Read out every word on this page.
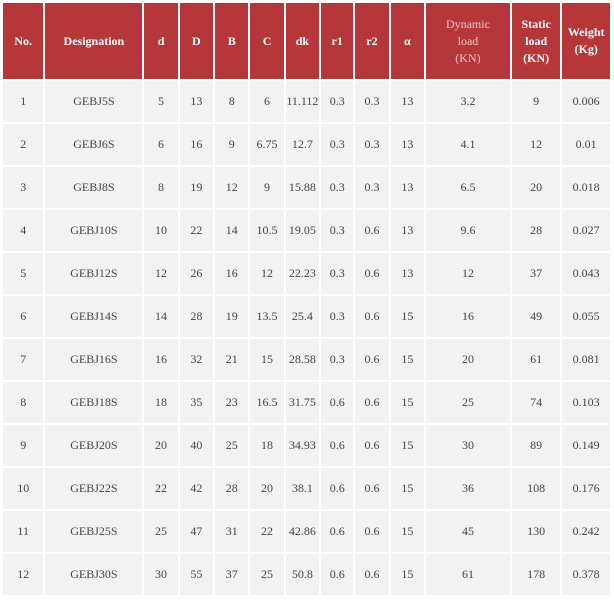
No.	Designation	d	D	B	C	dk	r1	r2	α	Dynamic
load
(KN)	Static
load
(KN)	Weight
(Kg)

1	GEBJ5S	5	13	8	6	11.112	0.3	0.3	13	3.2	9	0.006
2	GEBJ6S	6	16	9	6.75	12.7	0.3	0.3	13	4.1	12	0.01
3	GEBJ8S	8	19	12	9	15.88	0.3	0.3	13	6.5	20	0.018
4	GEBJ10S	10	22	14	10.5	19.05	0.3	0.6	13	9.6	28	0.027
5	GEBJ12S	12	26	16	12	22.23	0.3	0.6	13	12	37	0.043
6	GEBJ14S	14	28	19	13.5	25.4	0.3	0.6	15	16	49	0.055
7	GEBJ16S	16	32	21	15	28.58	0.3	0.6	15	20	61	0.081
8	GEBJ18S	18	35	23	16.5	31.75	0.6	0.6	15	25	74	0.103
9	GEBJ20S	20	40	25	18	34.93	0.6	0.6	15	30	89	0.149
10	GEBJ22S	22	42	28	20	38.1	0.6	0.6	15	36	108	0.176
11	GEBJ25S	25	47	31	22	42.86	0.6	0.6	15	45	130	0.242
12	GEBJ30S	30	55	37	25	50.8	0.6	0.6	15	61	178	0.378
